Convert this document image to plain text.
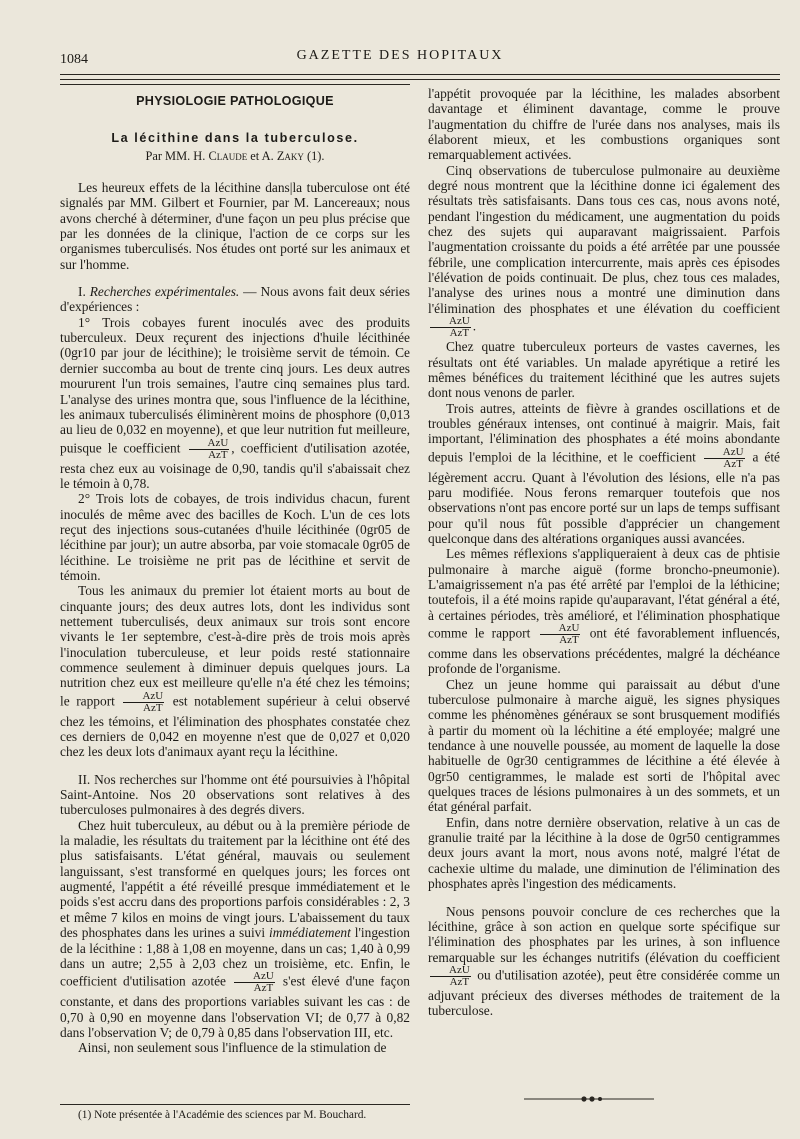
1084	GAZETTE DES HOPITAUX
PHYSIOLOGIE PATHOLOGIQUE
La lécithine dans la tuberculose.
Par MM. H. Claude et A. Zaky (1).

Les heureux effets de la lécithine dans|la tuberculose ont été signalés par MM. Gilbert et Fournier, par M. Lancereaux; nous avons cherché à déterminer, d'une façon un peu plus précise que par les données de la clinique, l'action de ce corps sur les organismes tuberculisés. Nos études ont porté sur les animaux et sur l'homme.

I. Recherches expérimentales. — Nous avons fait deux séries d'expériences :

1° Trois cobayes furent inoculés avec des produits tuberculeux. Deux reçurent des injections d'huile lécithinée (0gr10 par jour de lécithine); le troisième servit de témoin. Ce dernier succomba au bout de trente cinq jours. Les deux autres moururent l'un trois semaines, l'autre cinq semaines plus tard. L'analyse des urines montra que, sous l'influence de la lécithine, les animaux tuberculisés éliminèrent moins de phosphore (0,013 au lieu de 0,032 en moyenne), et que leur nutrition fut meilleure, puisque le coefficient $\frac{\text{AzU}}{\text{AzT}}$ , coefficient d'utilisation azotée, resta chez eux au voisinage de 0,90, tandis qu'il s'abaissait chez le témoin à 0,78.

2° Trois lots de cobayes, de trois individus chacun, furent inoculés de même avec des bacilles de Koch. L'un de ces lots reçut des injections sous-cutanées d'huile lécithinée (0gr05 de lécithine par jour); un autre absorba, par voie stomacale 0gr05 de lécithine. Le troisième ne prit pas de lécithine et servit de témoin.

Tous les animaux du premier lot étaient morts au bout de cinquante jours; des deux autres lots, dont les individus sont nettement tuberculisés, deux animaux sur trois sont encore vivants le 1er septembre, c'est-à-dire près de trois mois après l'inoculation tuberculeuse, et leur poids resté stationnaire commence seulement à diminuer depuis quelques jours. La nutrition chez eux est meilleure qu'elle n'a été chez les témoins; le rapport $\frac{\text{AzU}}{\text{AzT}}$ est notablement supérieur à celui observé chez les témoins, et l'élimination des phosphates constatée chez ces derniers de 0,042 en moyenne n'est que de 0,027 et 0,020 chez les deux lots d'animaux ayant reçu la lécithine.

II. Nos recherches sur l'homme ont été poursuivies à l'hôpital Saint-Antoine. Nos 20 observations sont relatives à des tuberculoses pulmonaires à des degrés divers.

Chez huit tuberculeux, au début ou à la première période de la maladie, les résultats du traitement par la lécithine ont été des plus satisfaisants. L'état général, mauvais ou seulement languissant, s'est transformé en quelques jours; les forces ont augmenté, l'appétit a été réveillé presque immédiatement et le poids s'est accru dans des proportions parfois considérables : 2, 3 et même 7 kilos en moins de vingt jours. L'abaissement du taux des phosphates dans les urines a suivi immédiatement l'ingestion de la lécithine : 1,88 à 1,08 en moyenne, dans un cas; 1,40 à 0,99 dans un autre; 2,55 à 2,03 chez un troisième, etc. Enfin, le coefficient d'utilisation azotée $\frac{\text{AzU}}{\text{AzT}} s'est$ élevé d'une façon constante, et dans des proportions variables suivant les cas : de 0,70 à 0,90 en moyenne dans l'observation VI; de 0,77 à 0,82 dans l'observation V; de 0,79 à 0,85 dans l'observation III, etc.

Ainsi, non seulement sous l'influence de la stimulation de

l'appétit provoquée par la lécithine, les malades absorbent davantage et éliminent davantage, comme le prouve l'augmentation du chiffre de l'urée dans nos analyses, mais ils élaborent mieux, et les combustions organiques sont remarquablement activées.

Cinq observations de tuberculose pulmonaire au deuxième degré nous montrent que la lécithine donne ici également des résultats très satisfaisants. Dans tous ces cas, nous avons noté, pendant l'ingestion du médicament, une augmentation du poids chez des sujets qui auparavant maigrissaient. Parfois l'augmentation croissante du poids a été arrêtée par une poussée fébrile, une complication intercurrente, mais après ces épisodes l'élévation de poids continuait. De plus, chez tous ces malades, l'analyse des urines nous a montré une diminution dans l'élimination des phosphates et une élévation du coefficient
$\frac{\text{AzU}}{\text{AzT}}$ .

Chez quatre tuberculeux porteurs de vastes cavernes, les résultats ont été variables. Un malade apyrétique a retiré les mêmes bénéfices du traitement lécithiné que les autres sujets dont nous venons de parler.

Trois autres, atteints de fièvre à grandes oscillations et de troubles généraux intenses, ont continué à maigrir. Mais, fait important, l'élimination des phosphates a été moins abondante depuis l'emploi de la lécithine, et le coefficient $\frac{\text{AzU}}{\text{AzT}}$ a été légèrement accru. Quant à l'évolution des lésions, elle n'a pas paru modifiée. Nous ferons remarquer toutefois que nos observations n'ont pas encore porté sur un laps de temps suffisant pour qu'il nous fût possible d'apprécier un changement quelconque dans des altérations organiques aussi avancées.

Les mêmes réflexions s'appliqueraient à deux cas de phtisie pulmonaire à marche aiguë (forme broncho-pneumonie). L'amaigrissement n'a pas été arrêté par l'emploi de la léthicine; toutefois, il a été moins rapide qu'auparavant, l'état général a été, à certaines périodes, très amélioré, et l'élimination phosphatique comme le rapport $\frac{\text{AzU}}{\text{AzT}}$ ont été favorablement influencés, comme dans les observations précédentes, malgré la déchéance profonde de l'organisme.

Chez un jeune homme qui paraissait au début d'une tuberculose pulmonaire à marche aiguë, les signes physiques comme les phénomènes généraux se sont brusquement modifiés à partir du moment où la léchitine a été employée; malgré une tendance à une nouvelle poussée, au moment de laquelle la dose habituelle de 0gr30 centigrammes de lécithine a été élevée à 0gr50 centigrammes, le malade est sorti de l'hôpital avec quelques traces de lésions pulmonaires à un des sommets, et un état général parfait.

Enfin, dans notre dernière observation, relative à un cas de granulie traité par la lécithine à la dose de 0gr50 centigrammes deux jours avant la mort, nous avons noté, malgré l'état de cachexie ultime du malade, une diminution de l'élimination des phosphates après l'ingestion des médicaments.

Nous pensons pouvoir conclure de ces recherches que la lécithine, grâce à son action en quelque sorte spécifique sur l'élimination des phosphates par les urines, à son influence remarquable sur les échanges nutritifs (élévation du coefficient
$\frac{\text{AzU}}{\text{AzT}}$ ou d'utilisation azotée), peut être considérée comme un adjuvant précieux des diverses méthodes de traitement de la tuberculose.

(1) Note présentée à l'Académie des sciences par M. Bouchard.
